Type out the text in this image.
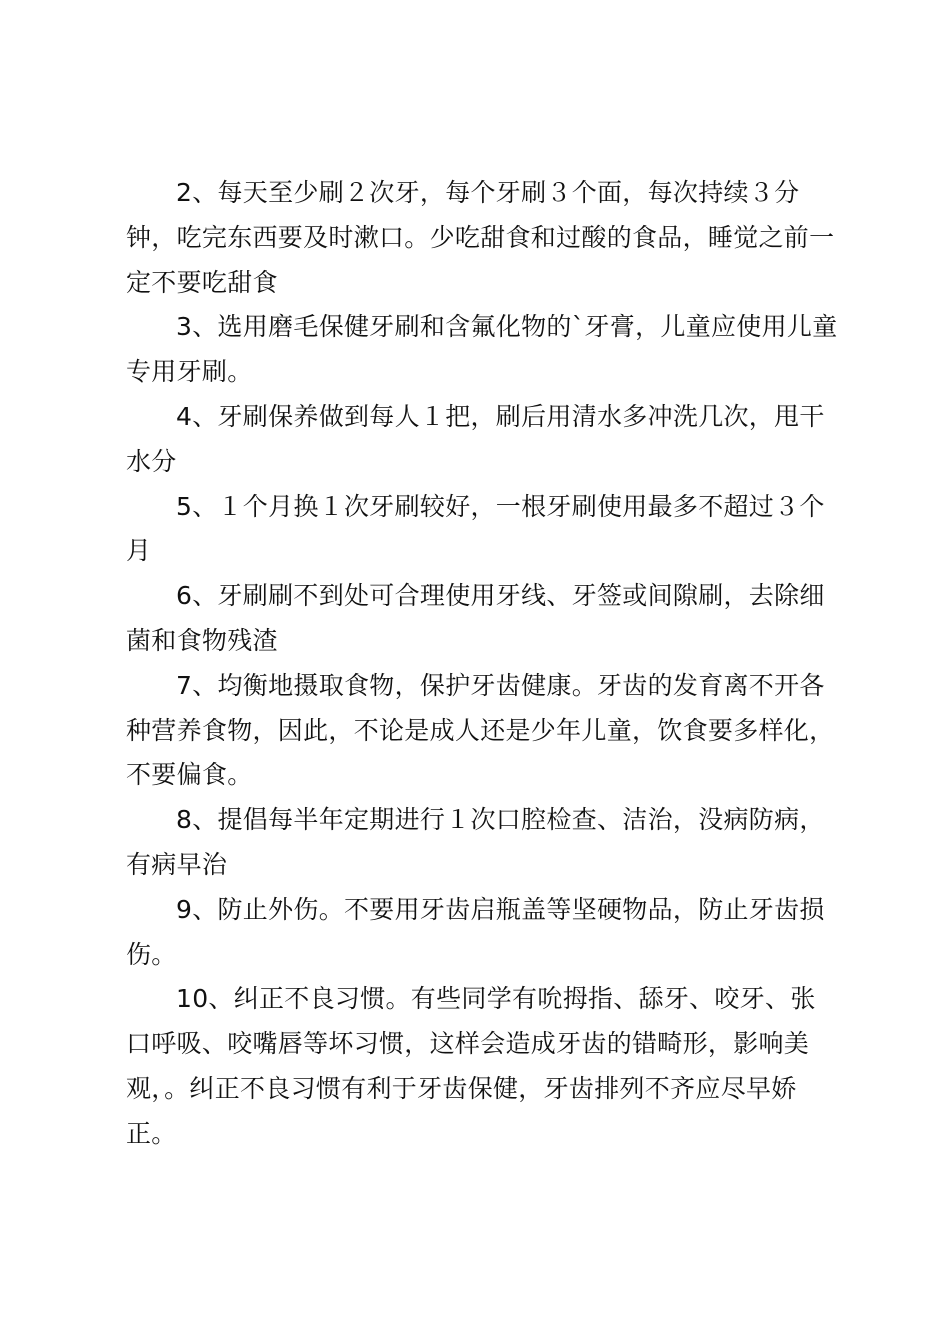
2、每天至少刷２次牙，每个牙刷３个面，每次持续３分钟，吃完东西要及时漱口。少吃甜食和过酸的食品，睡觉之前一定不要吃甜食

3、选用磨毛保健牙刷和含氟化物的`牙膏，儿童应使用儿童专用牙刷。

4、牙刷保养做到每人１把，刷后用清水多冲洗几次，甩干水分

5、１个月换１次牙刷较好，一根牙刷使用最多不超过３个月

6、牙刷刷不到处可合理使用牙线、牙签或间隙刷，去除细菌和食物残渣

7、均衡地摄取食物，保护牙齿健康。牙齿的发育离不开各种营养食物，因此，不论是成人还是少年儿童，饮食要多样化，不要偏食。

8、提倡每半年定期进行１次口腔检查、洁治，没病防病，有病早治

9、防止外伤。不要用牙齿启瓶盖等坚硬物品，防止牙齿损伤。

10、纠正不良习惯。有些同学有吮拇指、舔牙、咬牙、张口呼吸、咬嘴唇等坏习惯，这样会造成牙齿的错畸形，影响美观，。纠正不良习惯有利于牙齿保健，牙齿排列不齐应尽早娇正。
